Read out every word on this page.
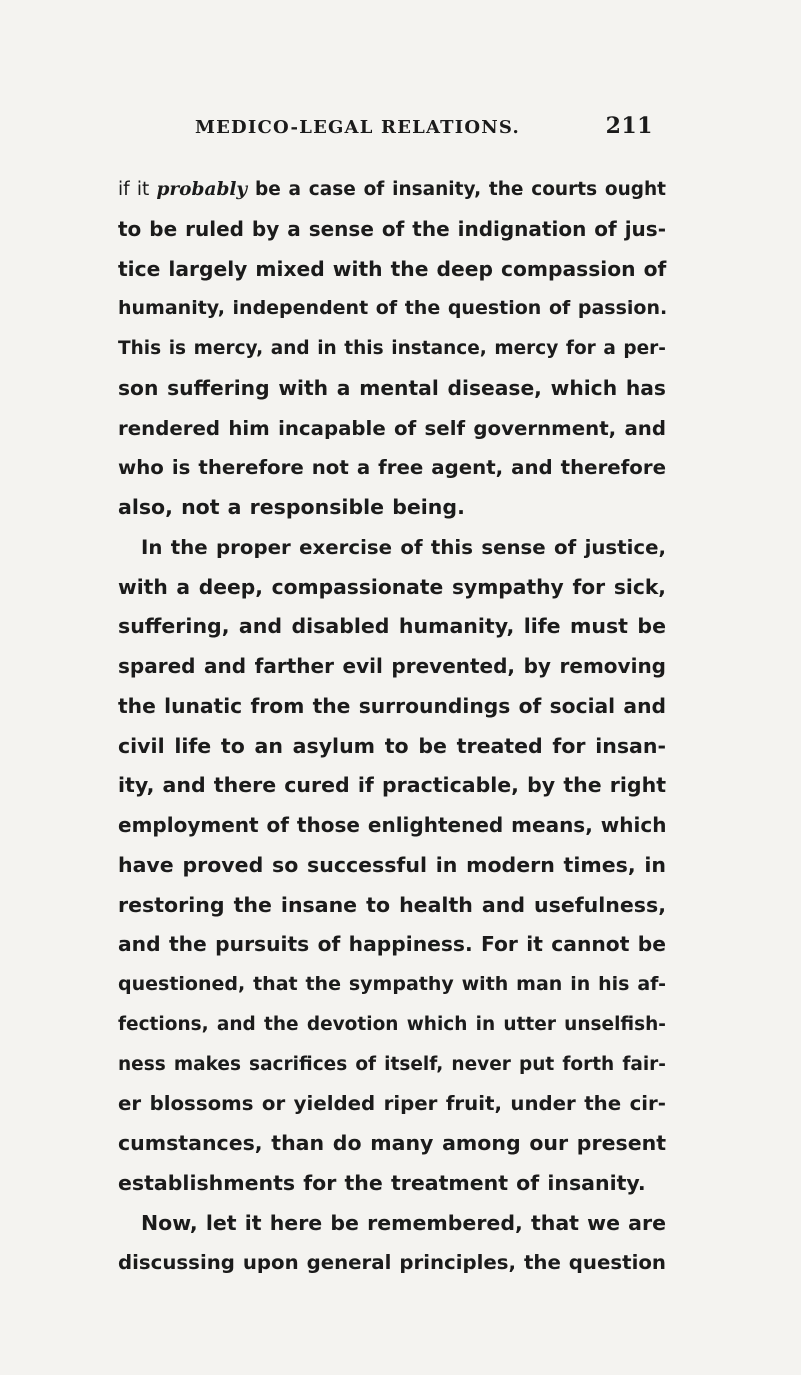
MEDICO-LEGAL RELATIONS.	211
if it probably be a case of insanity, the courts ought
to be ruled by a sense of the indignation of jus-
tice largely mixed with the deep compassion of
humanity, independent of the question of passion.
This is mercy, and in this instance, mercy for a per-
son suffering with a mental disease, which has
rendered him incapable of self government, and
who is therefore not a free agent, and therefore
also, not a responsible being.
In the proper exercise of this sense of justice,
with a deep, compassionate sympathy for sick,
suffering, and disabled humanity, life must be
spared and farther evil prevented, by removing
the lunatic from the surroundings of social and
civil life to an asylum to be treated for insan-
ity, and there cured if practicable, by the right
employment of those enlightened means, which
have proved so successful in modern times, in
restoring the insane to health and usefulness,
and the pursuits of happiness. For it cannot be
questioned, that the sympathy with man in his af-
fections, and the devotion which in utter unselfish-
ness makes sacrifices of itself, never put forth fair-
er blossoms or yielded riper fruit, under the cir-
cumstances, than do many among our present
establishments for the treatment of insanity.
Now, let it here be remembered, that we are
discussing upon general principles, the question
